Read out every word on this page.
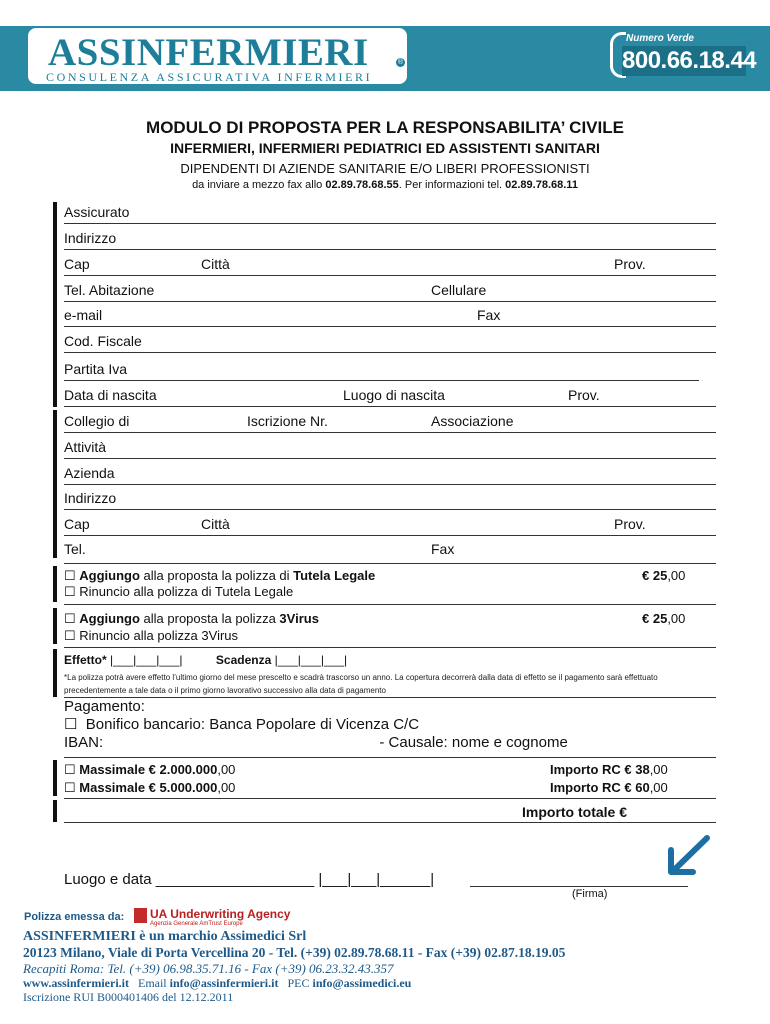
ASSINFERMIERI	®
CONSULENZA ASSICURATIVA INFERMIERI
Numero Verde
800.66.18.44
MODULO DI PROPOSTA PER LA RESPONSABILITA’ CIVILE
INFERMIERI, INFERMIERI PEDIATRICI ED ASSISTENTI SANITARI
DIPENDENTI DI AZIENDE SANITARIE E/O LIBERI PROFESSIONISTI
da inviare a mezzo fax allo 02.89.78.68.55. Per informazioni tel. 02.89.78.68.11
Assicurato
Indirizzo
Cap	Città	Prov.
Tel. Abitazione	Cellulare
e-mail	Fax
Cod. Fiscale
Partita Iva
Data di nascita	Luogo di nascita	Prov.
Collegio di	Iscrizione Nr.	Associazione
Attività
Azienda
Indirizzo
Cap	Città	Prov.
Tel.	Fax
☐ Aggiungo alla proposta la polizza di Tutela Legale	€ 25,00
☐ Rinuncio alla polizza di Tutela Legale
☐ Aggiungo alla proposta la polizza 3Virus	€ 25,00
☐ Rinuncio alla polizza 3Virus
Effetto* |___|___|___|	Scadenza |___|___|___|
*La polizza potrà avere effetto l’ultimo giorno del mese prescelto e scadrà trascorso un anno. La copertura decorrerà dalla data di effetto se il pagamento sarà effettuato precedentemente a tale data o il primo giorno lavorativo successivo alla data di pagamento
Pagamento:
☐  Bonifico bancario: Banca Popolare di Vicenza C/C
IBAN:	- Causale: nome e cognome
☐ Massimale € 2.000.000,00	Importo RC € 38,00
☐ Massimale € 5.000.000,00	Importo RC € 60,00
Importo totale €
Luogo e data ___________________ |___|___|______|
(Firma)
Polizza emessa da: UA Underwriting Agency
Agenzia Generale AmTrust Europe
ASSINFERMIERI è un marchio Assimedici Srl
20123 Milano, Viale di Porta Vercellina 20 - Tel. (+39) 02.89.78.68.11 - Fax (+39) 02.87.18.19.05
Recapiti Roma: Tel. (+39) 06.98.35.71.16 - Fax (+39) 06.23.32.43.357
www.assinfermieri.it Email info@assinfermieri.it PEC info@assimedici.eu
Iscrizione RUI B000401406 del 12.12.2011
